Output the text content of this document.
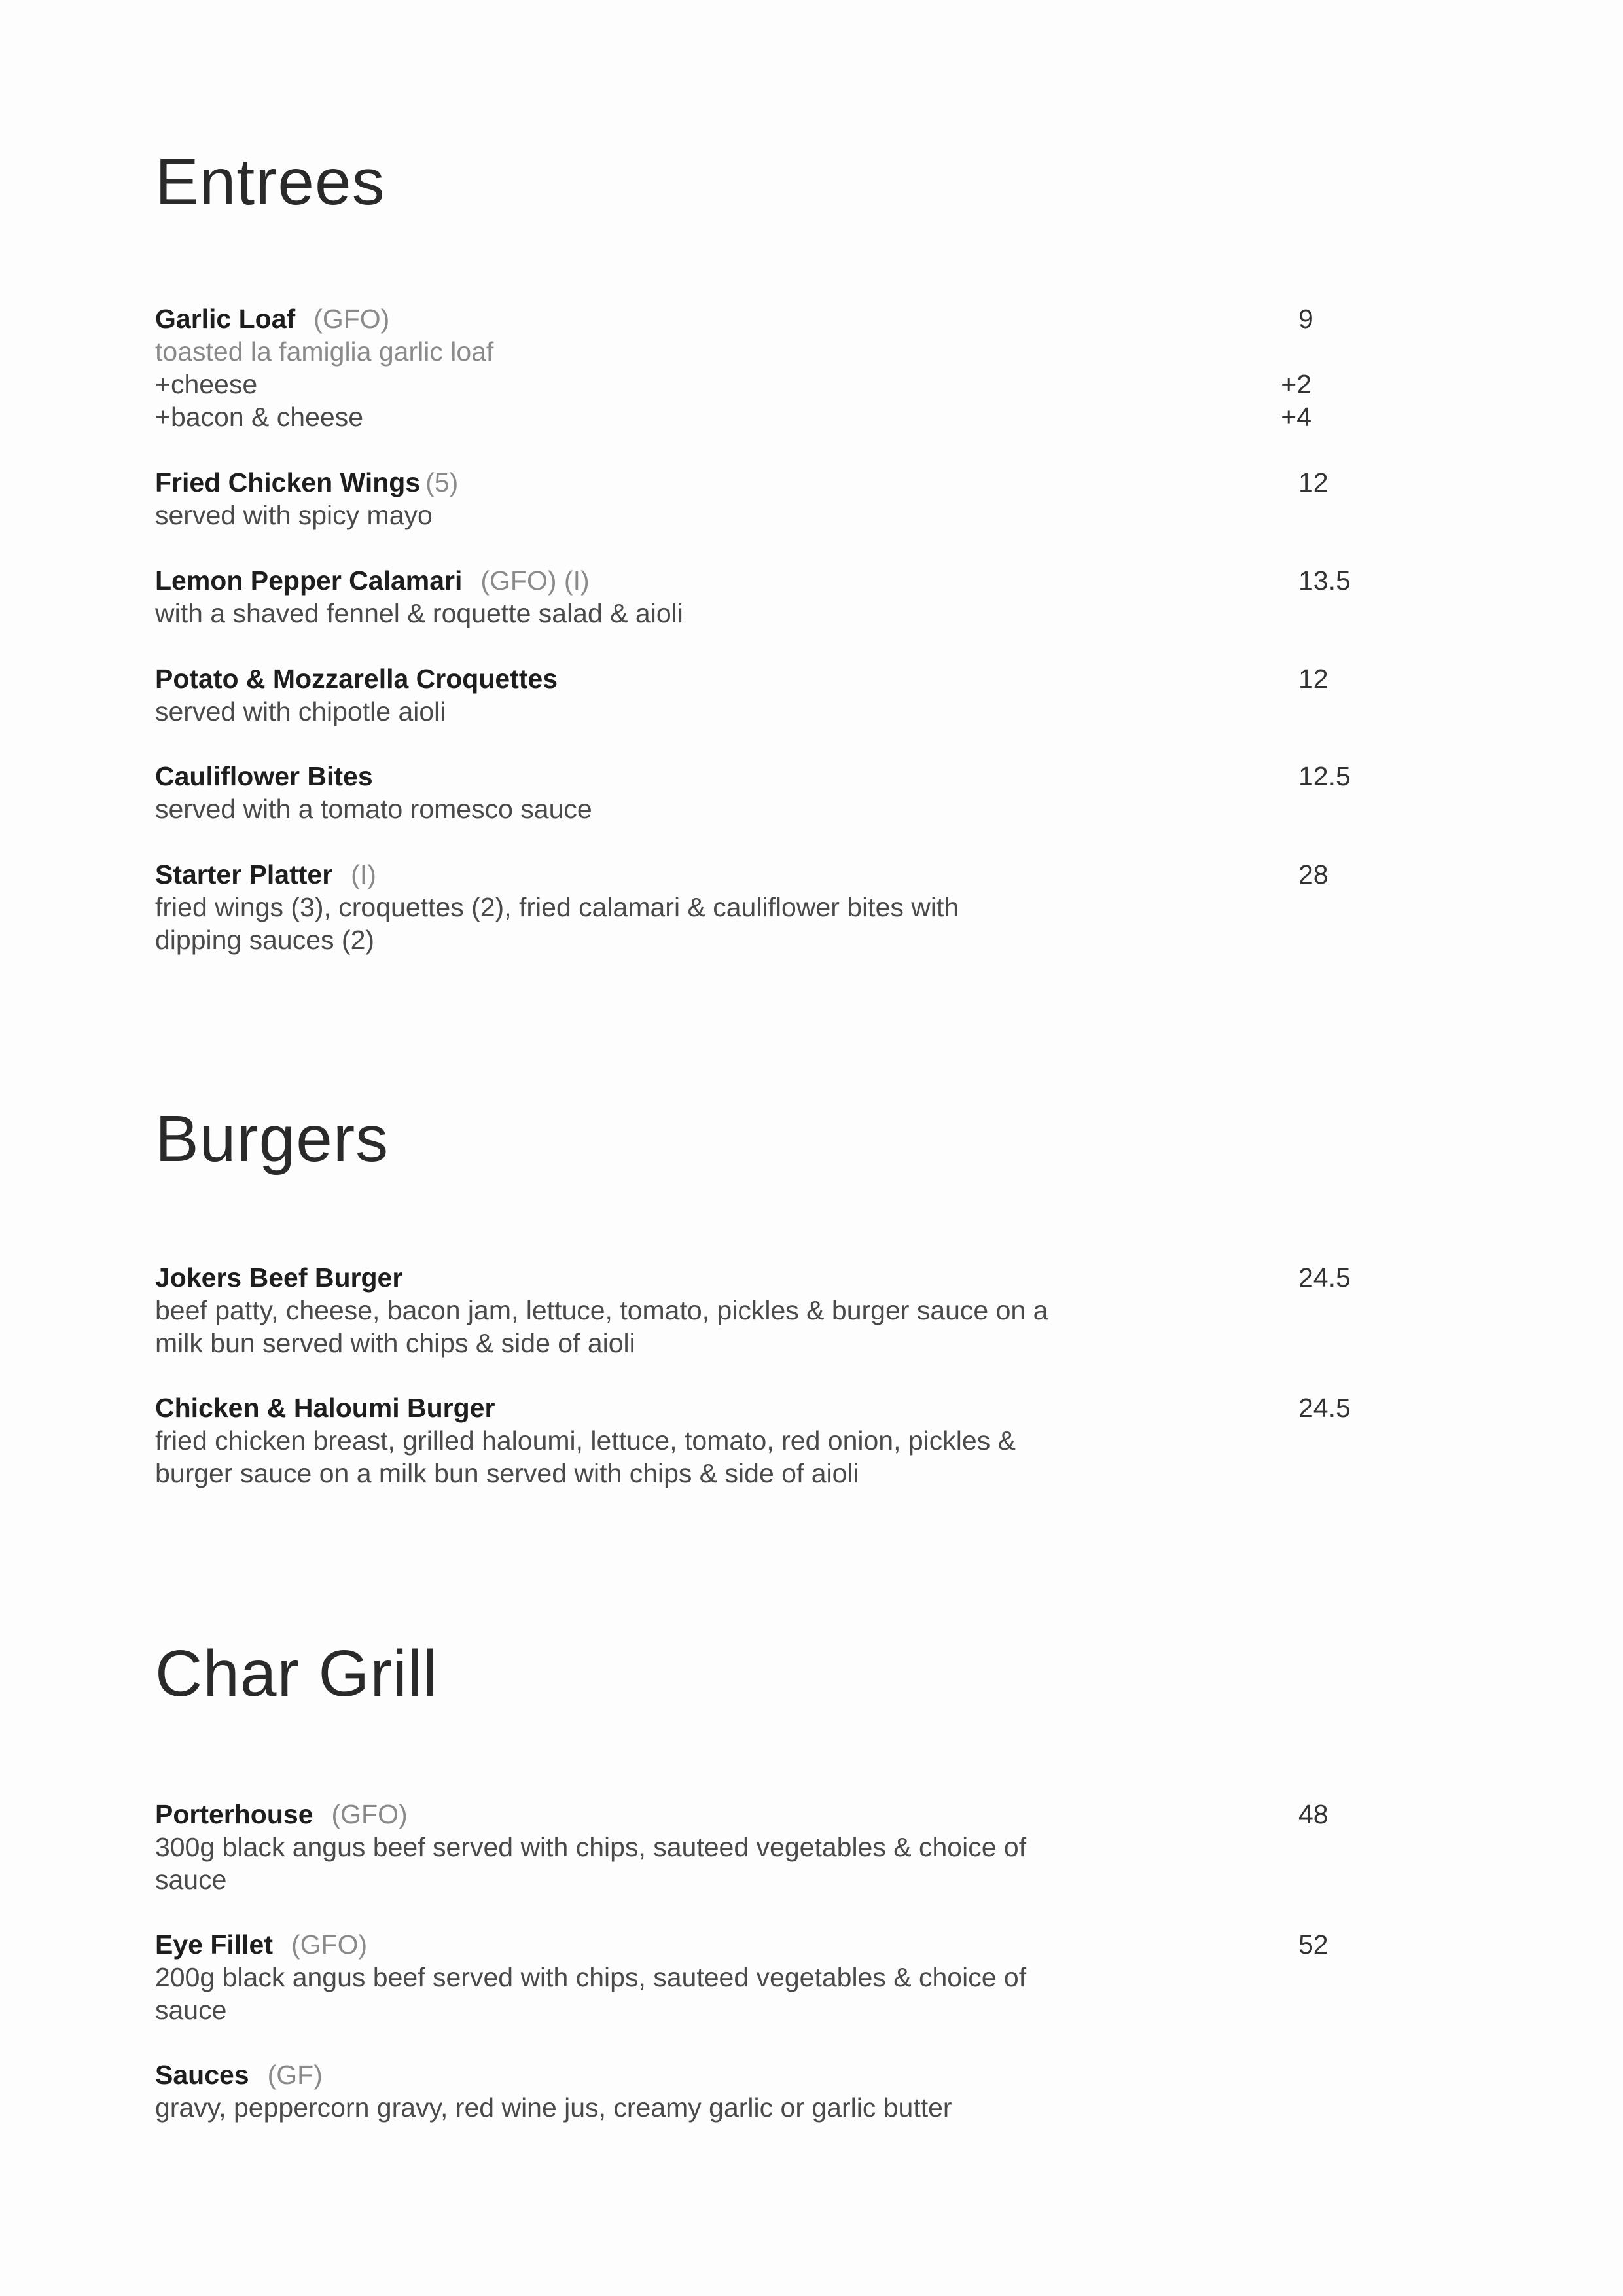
Entrees
Garlic Loaf (GFO)
toasted la famiglia garlic loaf
+cheese
+bacon & cheese
9
+2
+4
Fried Chicken Wings (5)
served with spicy mayo
12
Lemon Pepper Calamari (GFO) (I)
with a shaved fennel & roquette salad & aioli
13.5
Potato & Mozzarella Croquettes
served with chipotle aioli
12
Cauliflower Bites
served with a tomato romesco sauce
12.5
Starter Platter (I)
fried wings (3), croquettes (2), fried calamari & cauliflower bites with
dipping sauces (2)
28
Burgers
Jokers Beef Burger
beef patty, cheese, bacon jam, lettuce, tomato, pickles & burger sauce on a
milk bun served with chips & side of aioli
24.5
Chicken & Haloumi Burger
fried chicken breast, grilled haloumi, lettuce, tomato, red onion, pickles &
burger sauce on a milk bun served with chips & side of aioli
24.5
Char Grill
Porterhouse (GFO)
300g black angus beef served with chips, sauteed vegetables & choice of
sauce
48
Eye Fillet (GFO)
200g black angus beef served with chips, sauteed vegetables & choice of
sauce
52
Sauces (GF)
gravy, peppercorn gravy, red wine jus, creamy garlic or garlic butter
